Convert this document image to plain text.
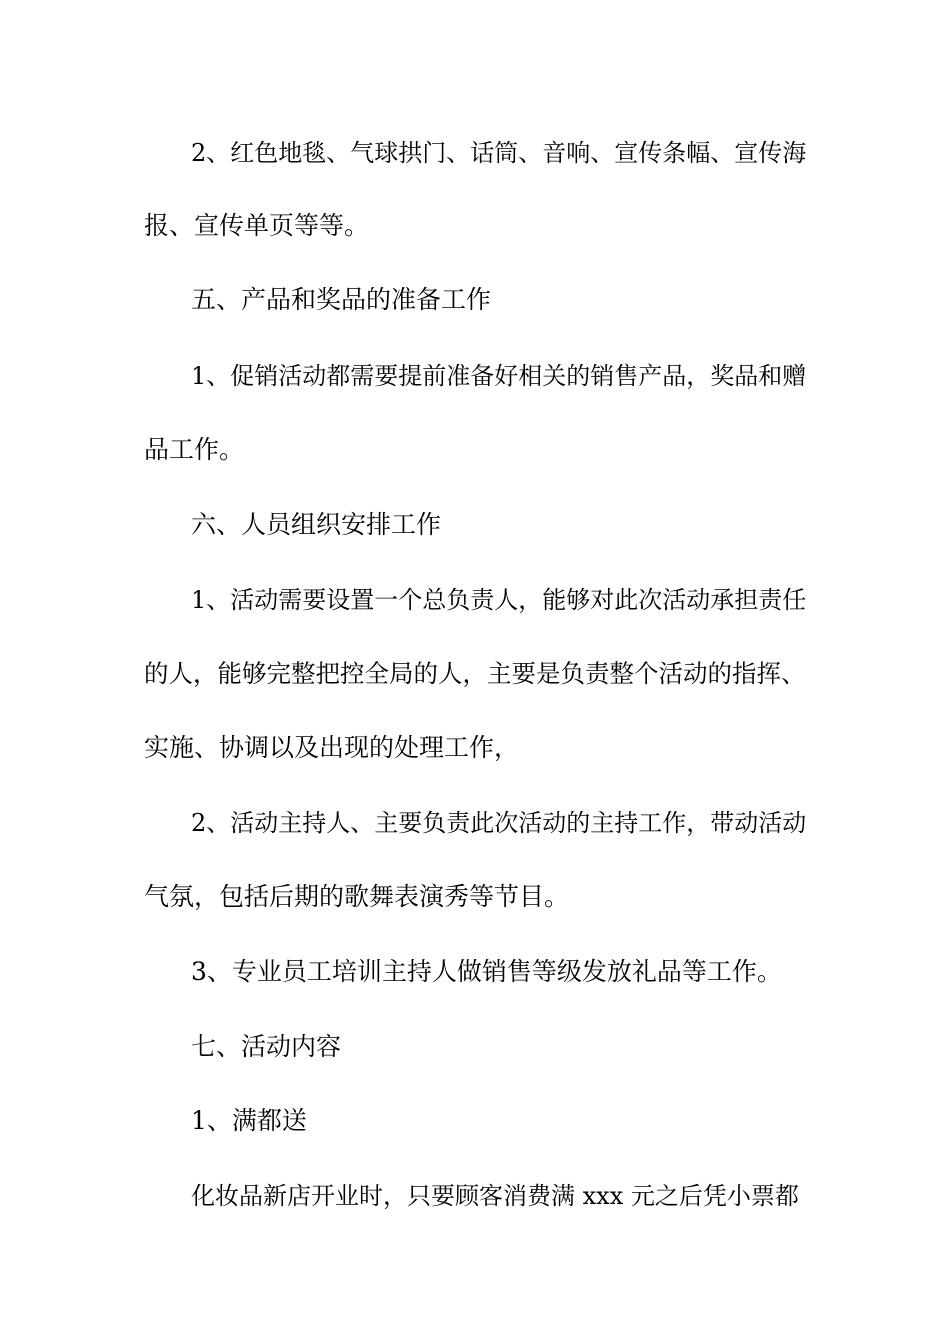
2、红色地毯、气球拱门、话筒、音响、宣传条幅、宣传海
报、宣传单页等等。
五、产品和奖品的准备工作
1、促销活动都需要提前准备好相关的销售产品，奖品和赠
品工作。
六、人员组织安排工作
1、活动需要设置一个总负责人，能够对此次活动承担责任
的人，能够完整把控全局的人，主要是负责整个活动的指挥、
实施、协调以及出现的处理工作，
2、活动主持人、主要负责此次活动的主持工作，带动活动
气氛，包括后期的歌舞表演秀等节目。
3、专业员工培训主持人做销售等级发放礼品等工作。
七、活动内容
1、满都送
化妆品新店开业时，只要顾客消费满 xxx 元之后凭小票都
